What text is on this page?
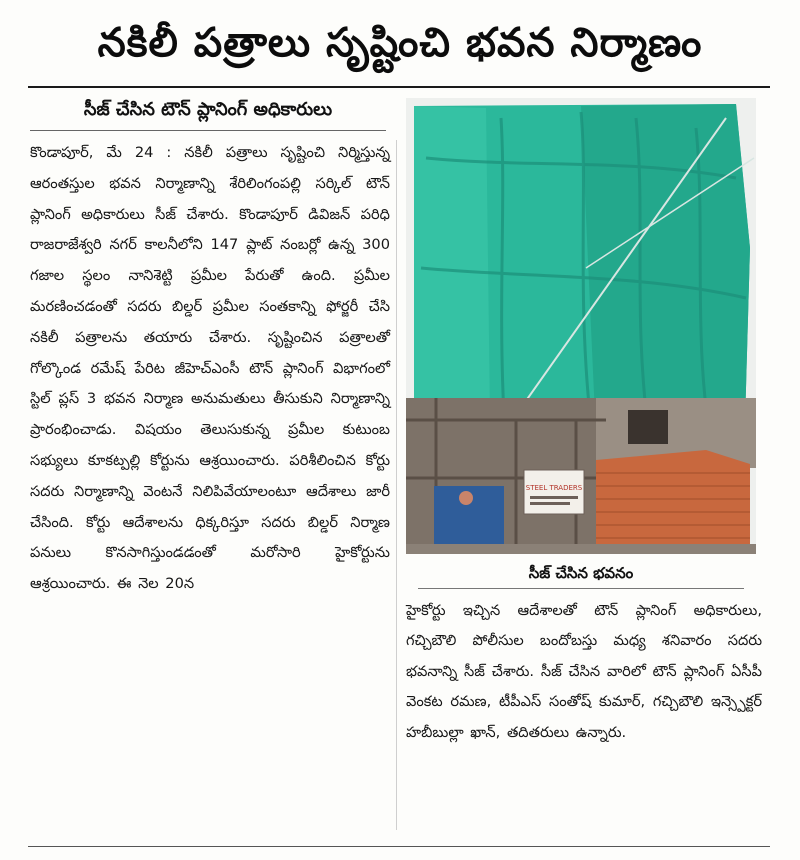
నకిలీ పత్రాలు సృష్టించి భవన నిర్మాణం
సీజ్ చేసిన టౌన్ ప్లానింగ్ అధికారులు

కొండాపూర్, మే 24 : నకిలీ పత్రాలు సృష్టించి నిర్మిస్తున్న ఆరంతస్తుల భవన నిర్మాణాన్ని శేరిలింగంపల్లి సర్కిల్ టౌన్ ప్లానింగ్ అధికారులు సీజ్ చేశారు. కొండాపూర్ డివిజన్ పరిధి రాజరాజేశ్వరి నగర్ కాలనీలోని 147 ప్లాట్ నంబర్లో ఉన్న 300 గజాల స్థలం నానిశెట్టి ప్రమీల పేరుతో ఉంది. ప్రమీల మరణించడంతో సదరు బిల్డర్ ప్రమీల సంతకాన్ని ఫోర్జరీ చేసి నకిలీ పత్రాలను తయారు చేశారు. సృష్టించిన పత్రాలతో గోల్కొండ రమేష్ పేరిట జీహెచ్ఎంసీ టౌన్ ప్లానింగ్ విభాగంలో స్టిల్ ప్లస్ 3 భవన నిర్మాణ అనుమతులు తీసుకుని నిర్మాణాన్ని ప్రారంభించాడు. విషయం తెలుసుకున్న ప్రమీల కుటుంబ సభ్యులు కూకట్పల్లి కోర్టును ఆశ్రయించారు. పరిశీలించిన కోర్టు సదరు నిర్మాణాన్ని వెంటనే నిలిపివేయాలంటూ ఆదేశాలు జారీ చేసింది. కోర్టు ఆదేశాలను ధిక్కరిస్తూ సదరు బిల్డర్ నిర్మాణ పనులు కొనసాగిస్తుండడంతో మరోసారి హైకోర్టును ఆశ్రయించారు. ఈ నెల 20న

STEEL TRADERS
సీజ్ చేసిన భవనం

హైకోర్టు ఇచ్చిన ఆదేశాలతో టౌన్ ప్లానింగ్ అధికారులు, గచ్చిబౌలి పోలీసుల బందోబస్తు మధ్య శనివారం సదరు భవనాన్ని సీజ్ చేశారు. సీజ్ చేసిన వారిలో టౌన్ ప్లానింగ్ ఏసీపీ వెంకట రమణ, టీపీఎస్ సంతోష్ కుమార్, గచ్చిబౌలి ఇన్స్పెక్టర్ హబీబుల్లా ఖాన్, తదితరులు ఉన్నారు.
